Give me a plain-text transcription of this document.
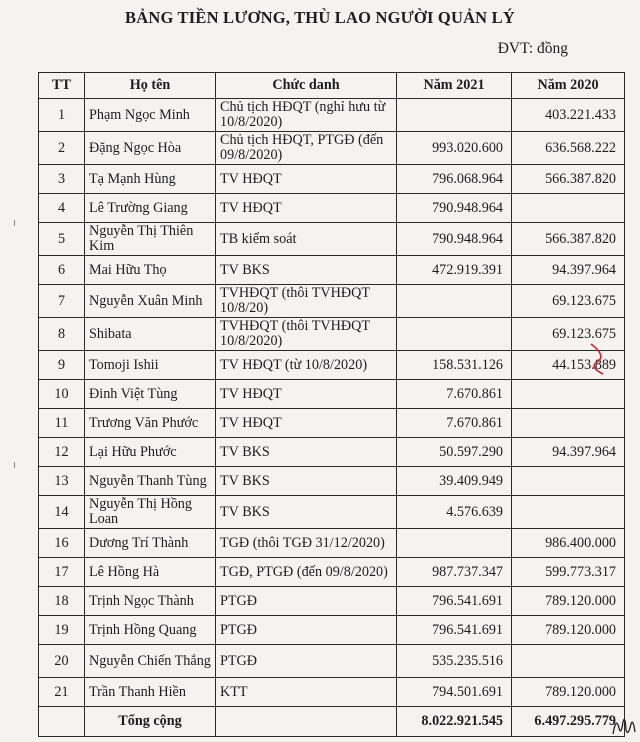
BẢNG TIỀN LƯƠNG, THÙ LAO NGƯỜI QUẢN LÝ
ĐVT: đồng
TT	Họ tên	Chức danh	Năm 2021	Năm 2020
1	Phạm Ngọc Minh	Chủ tịch HĐQT (nghỉ hưu từ 10/8/2020)		403.221.433
2	Đặng Ngọc Hòa	Chủ tịch HĐQT, PTGĐ (đến 09/8/2020)	993.020.600	636.568.222
3	Tạ Mạnh Hùng	TV HĐQT	796.068.964	566.387.820
4	Lê Trường Giang	TV HĐQT	790.948.964	
5	Nguyễn Thị Thiên Kim	TB kiểm soát	790.948.964	566.387.820
6	Mai Hữu Thọ	TV BKS	472.919.391	94.397.964
7	Nguyễn Xuân Minh	TVHĐQT (thôi TVHĐQT 10/8/20)		69.123.675
8	Shibata	TVHĐQT (thôi TVHĐQT 10/8/2020)		69.123.675
9	Tomoji Ishii	TV HĐQT (từ 10/8/2020)	158.531.126	44.153.889
10	Đinh Việt Tùng	TV HĐQT	7.670.861	
11	Trương Văn Phước	TV HĐQT	7.670.861	
12	Lại Hữu Phước	TV BKS	50.597.290	94.397.964
13	Nguyễn Thanh Tùng	TV BKS	39.409.949	
14	Nguyễn Thị Hồng Loan	TV BKS	4.576.639	
16	Dương Trí Thành	TGĐ (thôi TGĐ 31/12/2020)		986.400.000
17	Lê Hồng Hà	TGĐ, PTGĐ (đến 09/8/2020)	987.737.347	599.773.317
18	Trịnh Ngọc Thành	PTGĐ	796.541.691	789.120.000
19	Trịnh Hồng Quang	PTGĐ	796.541.691	789.120.000
20	Nguyễn Chiến Thắng	PTGĐ	535.235.516	
21	Trần Thanh Hiền	KTT	794.501.691	789.120.000
	Tổng cộng		8.022.921.545	6.497.295.779
